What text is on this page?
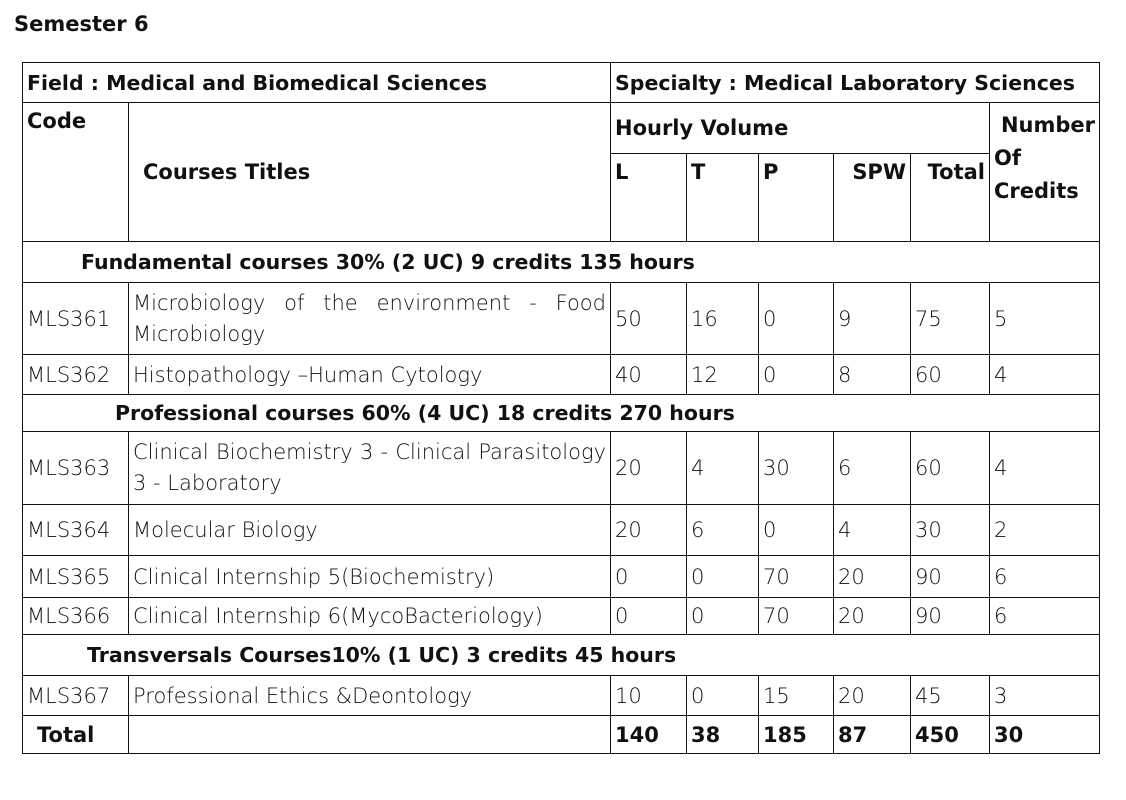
Semester 6
Field : Medical and Biomedical Sciences		Specialty : Medical Laboratory Sciences					
Code	Courses Titles	Hourly Volume					Number
Of
Credits

		L	T	P	SPW	Total	
Fundamental courses 30% (2 UC) 9 credits 135 hours							
MLS361	Microbiology of the environment - Food Microbiology	50	16	0	9	75	5
MLS362	Histopathology –Human Cytology	40	12	0	8	60	4
Professional courses 60% (4 UC) 18 credits 270 hours							
MLS363	Clinical Biochemistry 3 - Clinical Parasitology 3 - Laboratory	20	4	30	6	60	4
MLS364	Molecular Biology	20	6	0	4	30	2
MLS365	Clinical Internship 5(Biochemistry)	0	0	70	20	90	6
MLS366	Clinical Internship 6(MycoBacteriology)	0	0	70	20	90	6
Transversals Courses10% (1 UC) 3 credits 45 hours							
MLS367	Professional Ethics &Deontology	10	0	15	20	45	3
Total		140	38	185	87	450	30
